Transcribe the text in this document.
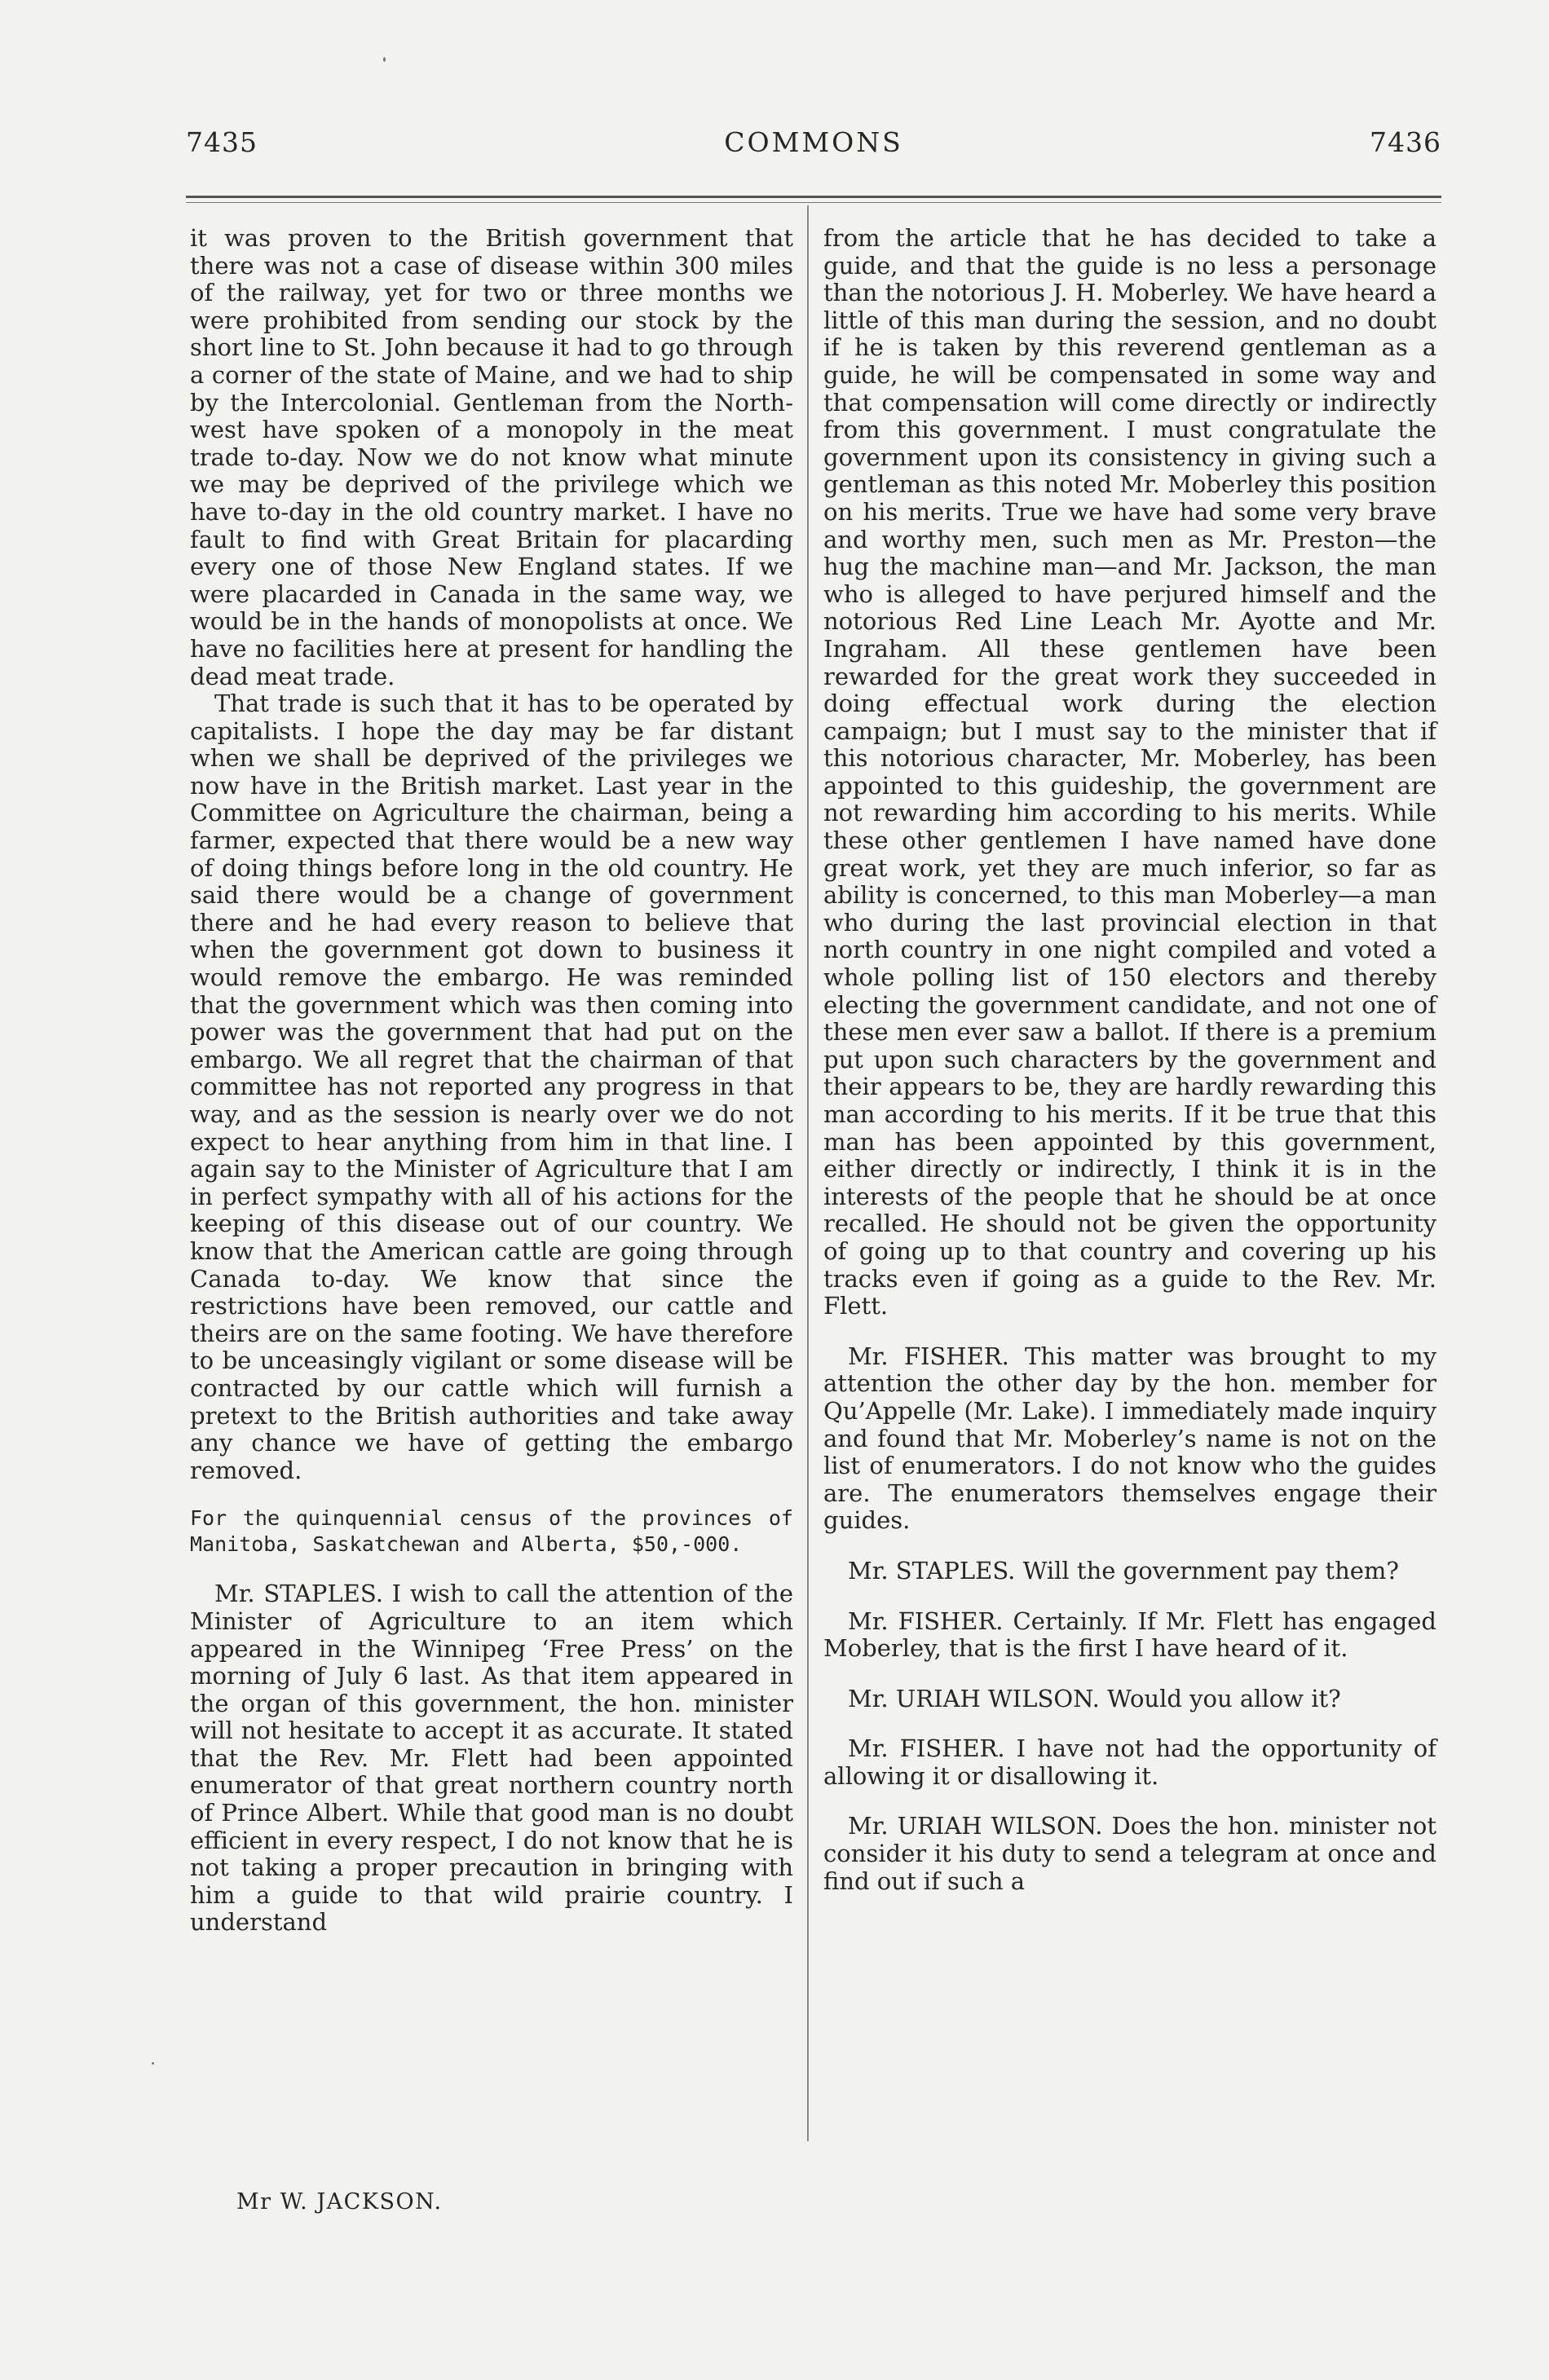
COMMONS
7435	7436

it was proven to the British government that there was not a case of disease within 300 miles of the railway, yet for two or three months we were prohibited from sending our stock by the short line to St. John because it had to go through a corner of the state of Maine, and we had to ship by the Intercolonial. Gentleman from the North-west have spoken of a monopoly in the meat trade to-day. Now we do not know what minute we may be deprived of the privilege which we have to-day in the old country market. I have no fault to find with Great Britain for placarding every one of those New England states. If we were placarded in Canada in the same way, we would be in the hands of monopolists at once. We have no facilities here at present for handling the dead meat trade.

That trade is such that it has to be operated by capitalists. I hope the day may be far distant when we shall be deprived of the privileges we now have in the British market. Last year in the Committee on Agriculture the chairman, being a farmer, expected that there would be a new way of doing things before long in the old country. He said there would be a change of government there and he had every reason to believe that when the government got down to business it would remove the embargo. He was reminded that the government which was then coming into power was the government that had put on the embargo. We all regret that the chairman of that committee has not reported any progress in that way, and as the session is nearly over we do not expect to hear anything from him in that line. I again say to the Minister of Agriculture that I am in perfect sympathy with all of his actions for the keeping of this disease out of our country. We know that the American cattle are going through Canada to-day. We know that since the restrictions have been removed, our cattle and theirs are on the same footing. We have therefore to be unceasingly vigilant or some disease will be contracted by our cattle which will furnish a pretext to the British authorities and take away any chance we have of getting the embargo removed.

For the quinquennial census of the provinces of Manitoba, Saskatchewan and Alberta, $50,-000.

Mr. STAPLES. I wish to call the attention of the Minister of Agriculture to an item which appeared in the Winnipeg ‘Free Press’ on the morning of July 6 last. As that item appeared in the organ of this government, the hon. minister will not hesitate to accept it as accurate. It stated that the Rev. Mr. Flett had been appointed enumerator of that great northern country north of Prince Albert. While that good man is no doubt efficient in every respect, I do not know that he is not taking a proper precaution in bringing with him a guide to that wild prairie country. I understand

from the article that he has decided to take a guide, and that the guide is no less a personage than the notorious J. H. Moberley. We have heard a little of this man during the session, and no doubt if he is taken by this reverend gentleman as a guide, he will be compensated in some way and that compensation will come directly or indirectly from this government. I must congratulate the government upon its consistency in giving such a gentleman as this noted Mr. Moberley this position on his merits. True we have had some very brave and worthy men, such men as Mr. Preston—the hug the machine man—and Mr. Jackson, the man who is alleged to have perjured himself and the notorious Red Line Leach Mr. Ayotte and Mr. Ingraham. All these gentlemen have been rewarded for the great work they succeeded in doing effectual work during the election campaign; but I must say to the minister that if this notorious character, Mr. Moberley, has been appointed to this guideship, the government are not rewarding him according to his merits. While these other gentlemen I have named have done great work, yet they are much inferior, so far as ability is concerned, to this man Moberley—a man who during the last provincial election in that north country in one night compiled and voted a whole polling list of 150 electors and thereby electing the government candidate, and not one of these men ever saw a ballot. If there is a premium put upon such characters by the government and their appears to be, they are hardly rewarding this man according to his merits. If it be true that this man has been appointed by this government, either directly or indirectly, I think it is in the interests of the people that he should be at once recalled. He should not be given the opportunity of going up to that country and covering up his tracks even if going as a guide to the Rev. Mr. Flett.

Mr. FISHER. This matter was brought to my attention the other day by the hon. member for Qu’Appelle (Mr. Lake). I immediately made inquiry and found that Mr. Moberley’s name is not on the list of enumerators. I do not know who the guides are. The enumerators themselves engage their guides.

Mr. STAPLES. Will the government pay them?

Mr. FISHER. Certainly. If Mr. Flett has engaged Moberley, that is the first I have heard of it.

Mr. URIAH WILSON. Would you allow it?

Mr. FISHER. I have not had the opportunity of allowing it or disallowing it.

Mr. URIAH WILSON. Does the hon. minister not consider it his duty to send a telegram at once and find out if such a

Mr W. JACKSON.
